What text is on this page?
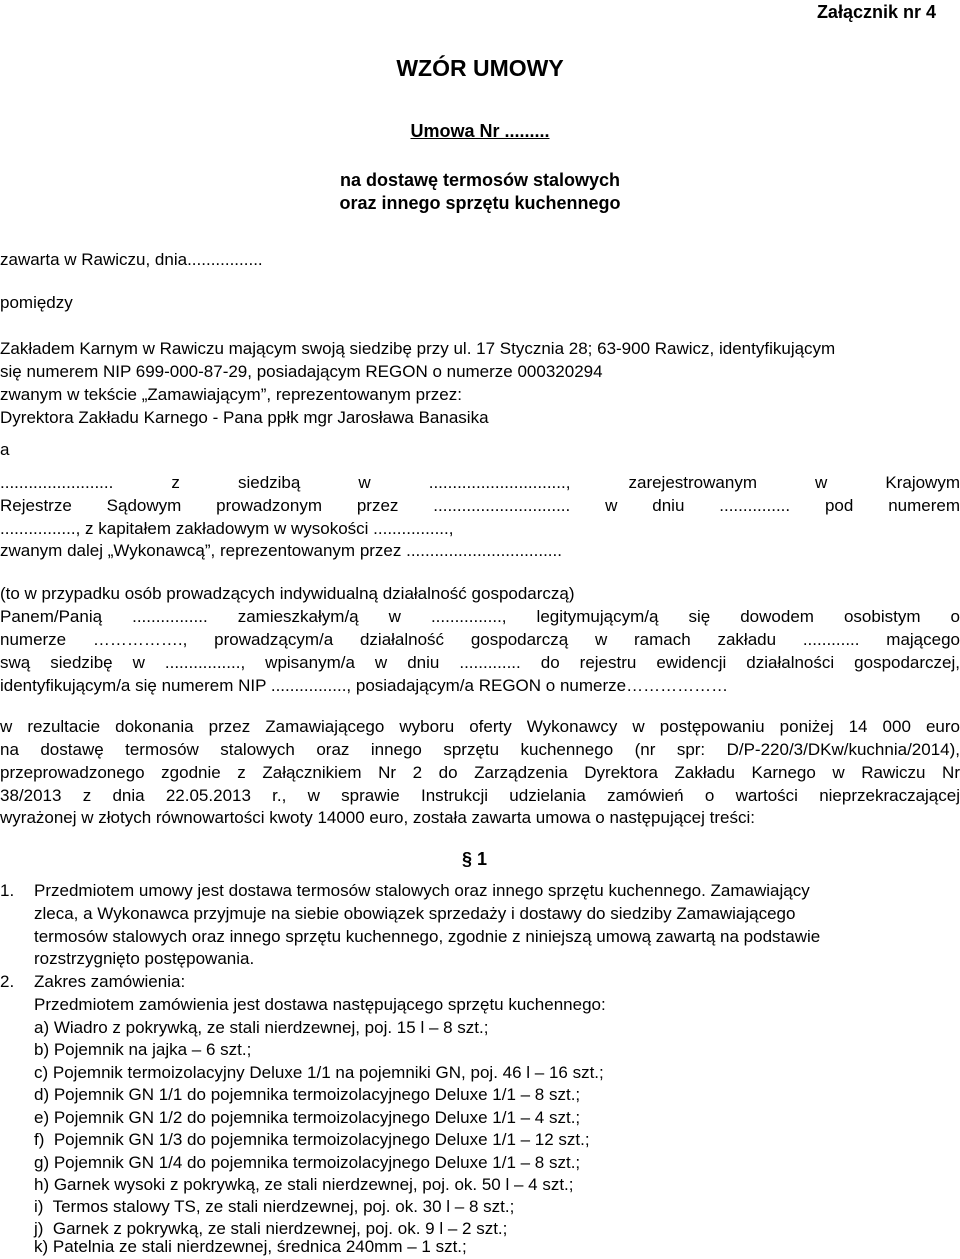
Załącznik nr 4
WZÓR UMOWY
Umowa Nr .........
na dostawę termosów stalowych
oraz innego sprzętu kuchennego
zawarta w Rawiczu, dnia................
pomiędzy
Zakładem Karnym w Rawiczu mającym swoją siedzibę przy ul. 17 Stycznia 28; 63-900 Rawicz, identyfikującym
się numerem NIP 699-000-87-29, posiadającym REGON o numerze 000320294
zwanym w tekście „Zamawiającym”, reprezentowanym przez:
Dyrektora Zakładu Karnego - Pana ppłk mgr Jarosława Banasika
a
........................ z siedzibą w ............................., zarejestrowanym w Krajowym
Rejestrze Sądowym prowadzonym przez ............................. w dniu ............... pod numerem
................, z kapitałem zakładowym w wysokości ................,
zwanym dalej „Wykonawcą”, reprezentowanym przez .................................
(to w przypadku osób prowadzących indywidualną działalność gospodarczą)
Panem/Panią ................ zamieszkałym/ą w ..............., legitymującym/ą się dowodem osobistym o
numerze ……………., prowadzącym/a działalność gospodarczą w ramach zakładu ............ mającego
swą siedzibę w ................, wpisanym/a w dniu ............. do rejestru ewidencji działalności gospodarczej,
identyfikującym/a się numerem NIP ................, posiadającym/a REGON o numerze………………
w rezultacie dokonania przez Zamawiającego wyboru oferty Wykonawcy w postępowaniu poniżej 14 000 euro
na dostawę termosów stalowych oraz innego sprzętu kuchennego (nr spr: D/P-220/3/DKw/kuchnia/2014),
przeprowadzonego zgodnie z Załącznikiem Nr 2 do Zarządzenia Dyrektora Zakładu Karnego w Rawiczu Nr
38/2013 z dnia 22.05.2013 r., w sprawie Instrukcji udzielania zamówień o wartości nieprzekraczającej
wyrażonej w złotych równowartości kwoty 14000 euro, została zawarta umowa o następującej treści:
§ 1
1. Przedmiotem umowy jest dostawa termosów stalowych oraz innego sprzętu kuchennego. Zamawiający
zleca, a Wykonawca przyjmuje na siebie obowiązek sprzedaży i dostawy do siedziby Zamawiającego
termosów stalowych oraz innego sprzętu kuchennego, zgodnie z niniejszą umową zawartą na podstawie
rozstrzygnięto postępowania.
2. Zakres zamówienia:
Przedmiotem zamówienia jest dostawa następującego sprzętu kuchennego:
a) Wiadro z pokrywką, ze stali nierdzewnej, poj. 15 l – 8 szt.;
b) Pojemnik na jajka – 6 szt.;
c) Pojemnik termoizolacyjny Deluxe 1/1 na pojemniki GN, poj. 46 l – 16 szt.;
d) Pojemnik GN 1/1 do pojemnika termoizolacyjnego Deluxe 1/1 – 8 szt.;
e) Pojemnik GN 1/2 do pojemnika termoizolacyjnego Deluxe 1/1 – 4 szt.;
f)  Pojemnik GN 1/3 do pojemnika termoizolacyjnego Deluxe 1/1 – 12 szt.;
g) Pojemnik GN 1/4 do pojemnika termoizolacyjnego Deluxe 1/1 – 8 szt.;
h) Garnek wysoki z pokrywką, ze stali nierdzewnej, poj. ok. 50 l – 4 szt.;
i)  Termos stalowy TS, ze stali nierdzewnej, poj. ok. 30 l – 8 szt.;
j)  Garnek z pokrywką, ze stali nierdzewnej, poj. ok. 9 l – 2 szt.;
k) Patelnia ze stali nierdzewnej, średnica 240mm – 1 szt.;
